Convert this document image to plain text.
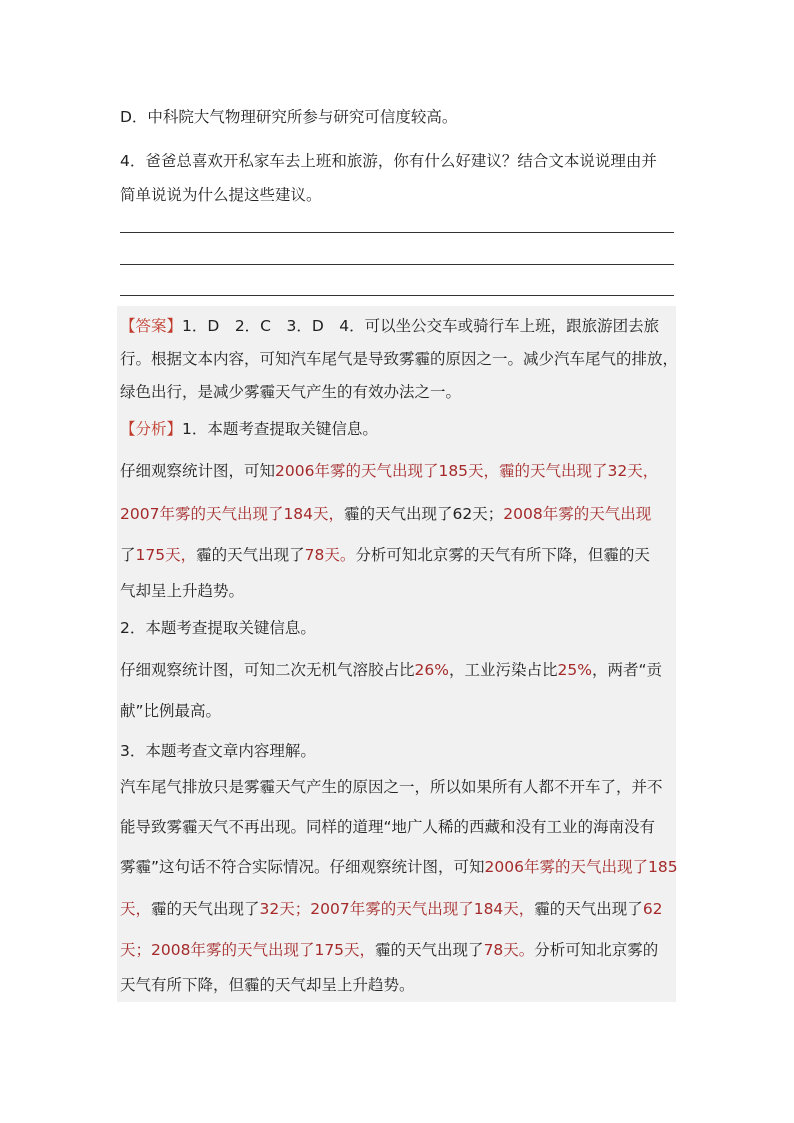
D．中科院大气物理研究所参与研究可信度较高。
4．爸爸总喜欢开私家车去上班和旅游，你有什么好建议？结合文本说说理由并
简单说说为什么提这些建议。
【答案】1．D　2．C　3．D　4．可以坐公交车或骑行车上班，跟旅游团去旅
行。根据文本内容，可知汽车尾气是导致雾霾的原因之一。减少汽车尾气的排放，
绿色出行，是减少雾霾天气产生的有效办法之一。
【分析】1．本题考查提取关键信息。
仔细观察统计图，可知2006年雾的天气出现了185天，霾的天气出现了32天，
2007年雾的天气出现了184天，霾的天气出现了62天；2008年雾的天气出现
了175天，霾的天气出现了78天。分析可知北京雾的天气有所下降，但霾的天
气却呈上升趋势。
2．本题考查提取关键信息。
仔细观察统计图，可知二次无机气溶胶占比26%，工业污染占比25%，两者“贡
献”比例最高。
3．本题考查文章内容理解。
汽车尾气排放只是雾霾天气产生的原因之一，所以如果所有人都不开车了，并不
能导致雾霾天气不再出现。同样的道理“地广人稀的西藏和没有工业的海南没有
雾霾”这句话不符合实际情况。仔细观察统计图，可知2006年雾的天气出现了185
天，霾的天气出现了32天；2007年雾的天气出现了184天，霾的天气出现了62
天；2008年雾的天气出现了175天，霾的天气出现了78天。分析可知北京雾的
天气有所下降，但霾的天气却呈上升趋势。
